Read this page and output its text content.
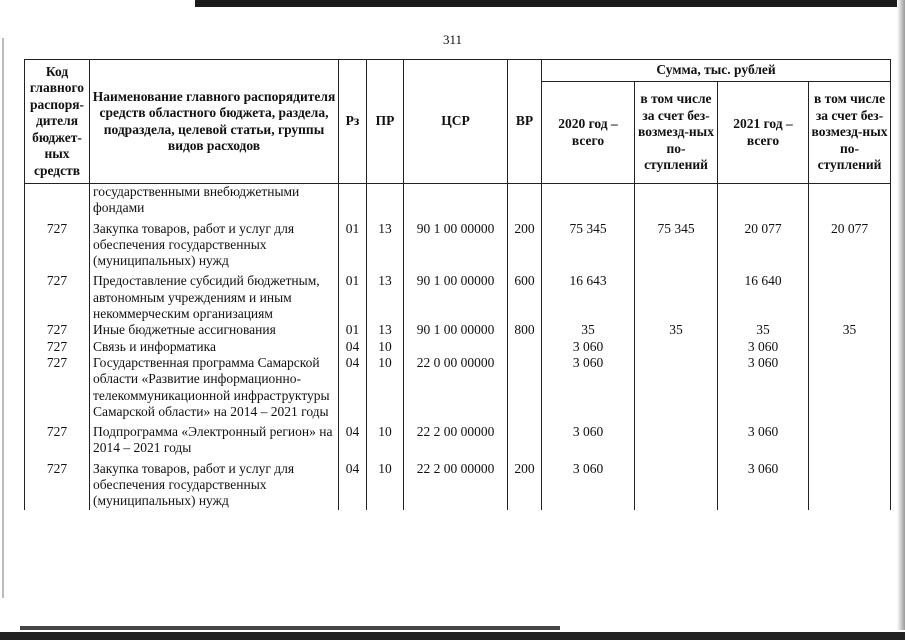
311
Код главного распоря-дителя бюджет-ных средств	Наименование главного распорядителя средств областного бюджета, раздела, подраздела, целевой статьи, группы видов расходов	Рз	ПР	ЦСР	ВР	Сумма, тыс. рублей			
						2020 год – всего	в том числе за счет без-возмезд-ных по-ступлений	2021 год – всего	в том числе за счет без-возмезд-ных по-ступлений
	государственными внебюджетными фондами								

727	Закупка товаров, работ и услуг для обеспечения государственных (муниципальных) нужд	01	13	90 1 00 00000	200	75 345	75 345	20 077	20 077

727	Предоставление субсидий бюджетным, автономным учреждениям и иным некоммерческим организациям	01	13	90 1 00 00000	600	16 643		16 640	
727	Иные бюджетные ассигнования	01	13	90 1 00 00000	800	35	35	35	35
727	Связь и информатика	04	10			3 060		3 060	
727	Государственная программа Самарской области «Развитие информационно-телекоммуникационной инфраструктуры Самарской области» на 2014 – 2021 годы	04	10	22 0 00 00000		3 060		3 060	

727	Подпрограмма «Электронный регион» на 2014 – 2021 годы	04	10	22 2 00 00000		3 060		3 060	

727	Закупка товаров, работ и услуг для обеспечения государственных (муниципальных) нужд	04	10	22 2 00 00000	200	3 060		3 060	
